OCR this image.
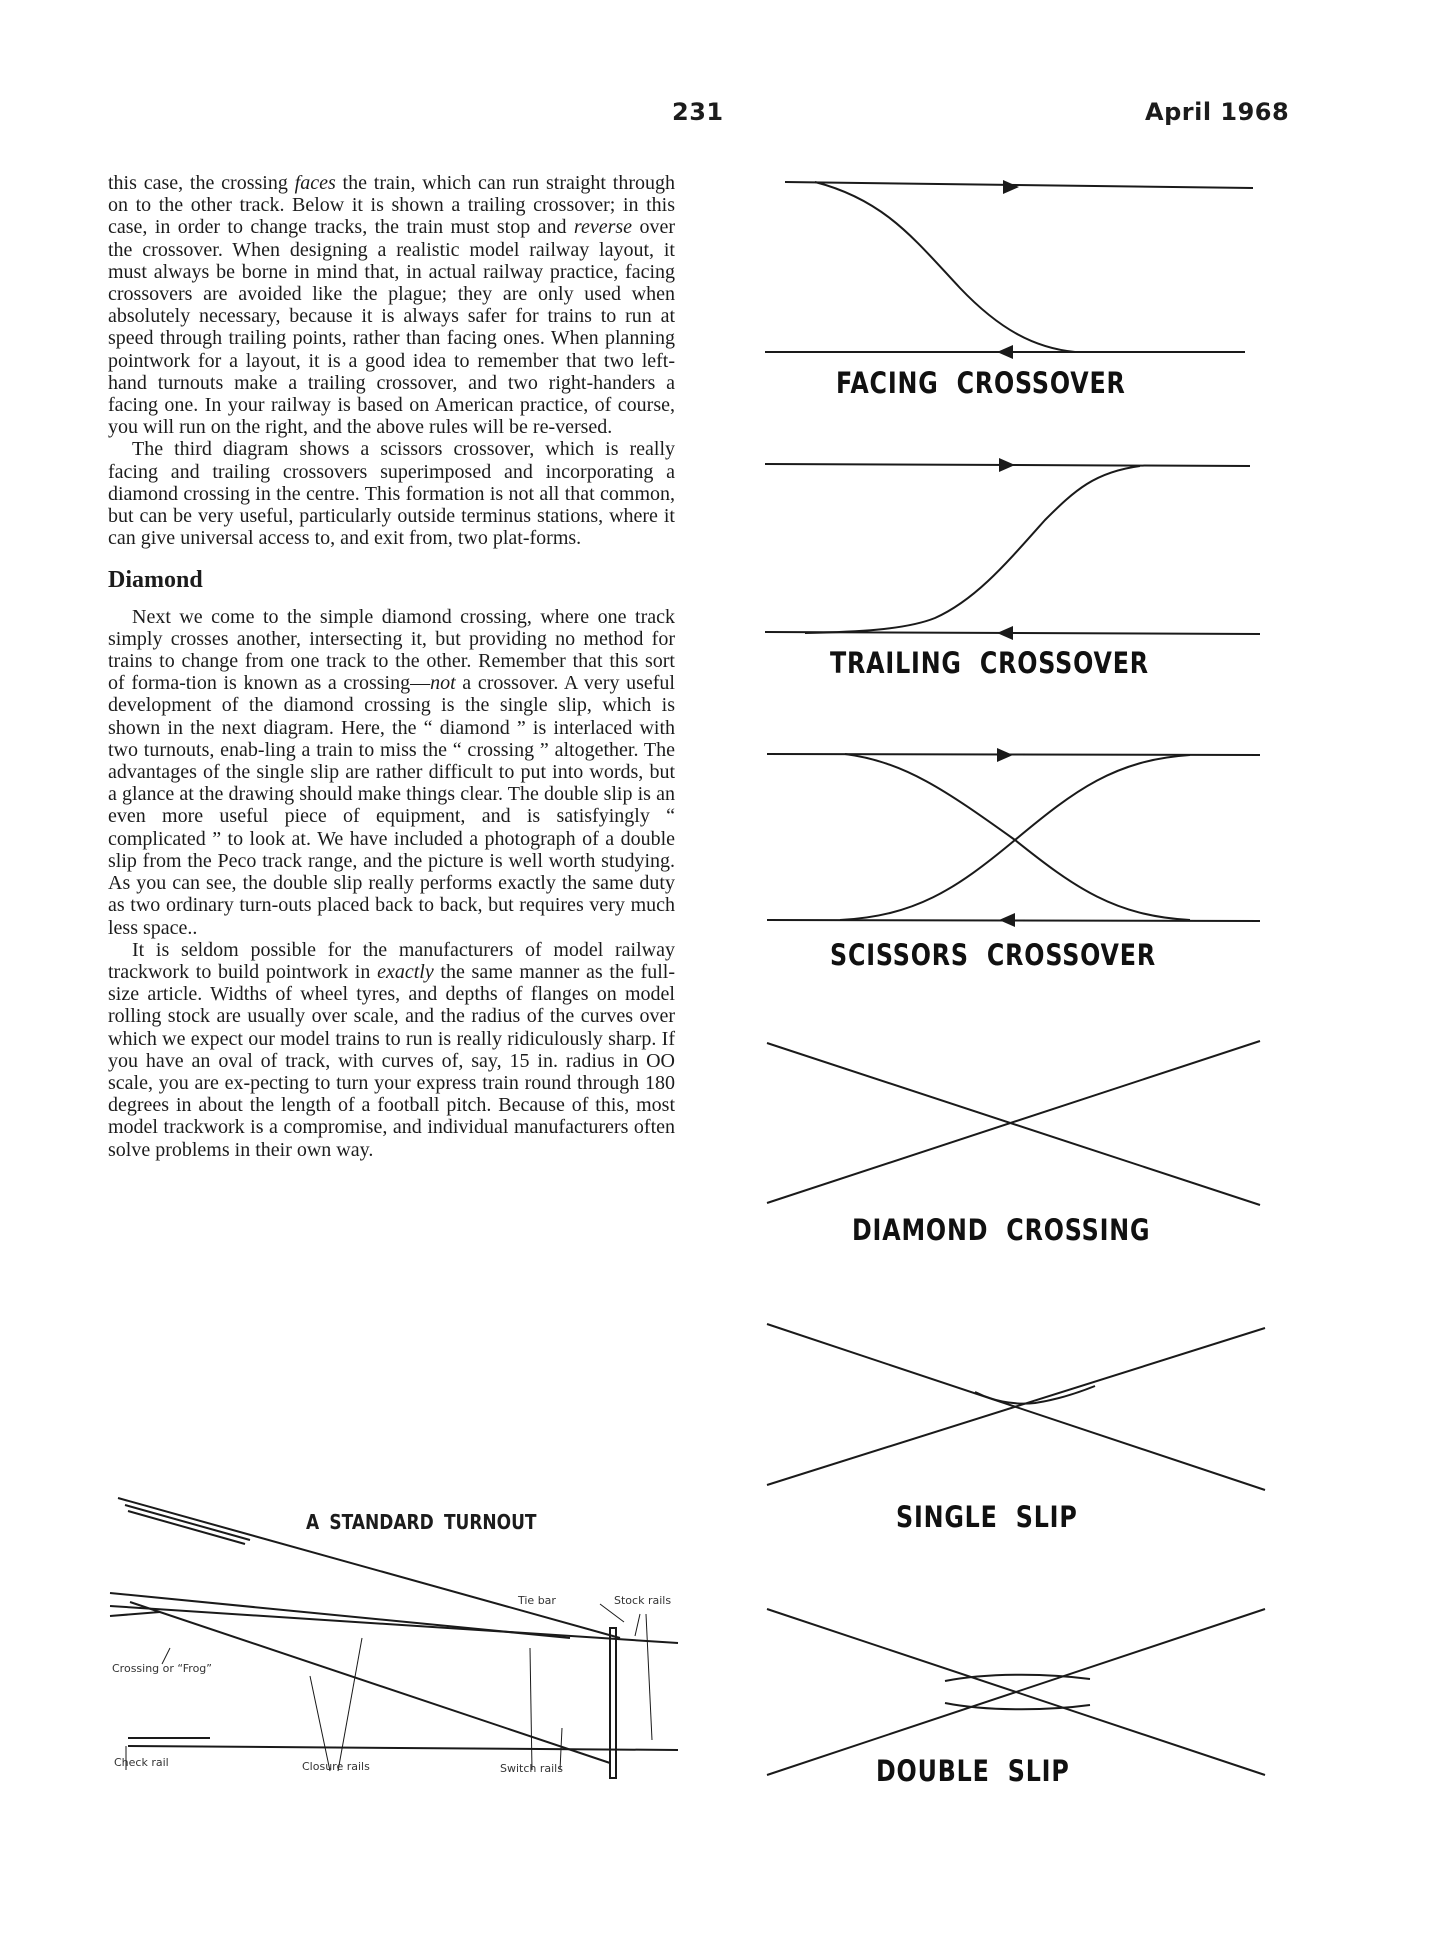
231	April 1968

this case, the crossing faces the train, which can run straight through on to the other track. Below it is shown a trailing crossover; in this case, in order to change tracks, the train must stop and reverse over the crossover. When designing a realistic model railway layout, it must always be borne in mind that, in actual railway practice, facing crossovers are avoided like the plague; they are only used when absolutely necessary, because it is always safer for trains to run at speed through trailing points, rather than facing ones. When planning pointwork for a layout, it is a good idea to remember that two left-hand turnouts make a trailing crossover, and two right-handers a facing one. In your railway is based on American practice, of course, you will run on the right, and the above rules will be re-versed.

The third diagram shows a scissors crossover, which is really facing and trailing crossovers superimposed and incorporating a diamond crossing in the centre. This formation is not all that common, but can be very useful, particularly outside terminus stations, where it can give universal access to, and exit from, two plat-forms.

Diamond

Next we come to the simple diamond crossing, where one track simply crosses another, intersecting it, but providing no method for trains to change from one track to the other. Remember that this sort of forma-tion is known as a crossing—not a crossover. A very useful development of the diamond crossing is the single slip, which is shown in the next diagram. Here, the “ diamond ” is interlaced with two turnouts, enab-ling a train to miss the “ crossing ” altogether. The advantages of the single slip are rather difficult to put into words, but a glance at the drawing should make things clear. The double slip is an even more useful piece of equipment, and is satisfyingly “ complicated ” to look at. We have included a photograph of a double slip from the Peco track range, and the picture is well worth studying. As you can see, the double slip really performs exactly the same duty as two ordinary turn-outs placed back to back, but requires very much less space..

It is seldom possible for the manufacturers of model railway trackwork to build pointwork in exactly the same manner as the full-size article. Widths of wheel tyres, and depths of flanges on model rolling stock are usually over scale, and the radius of the curves over which we expect our model trains to run is really ridiculously sharp. If you have an oval of track, with curves of, say, 15 in. radius in OO scale, you are ex-pecting to turn your express train round through 180 degrees in about the length of a football pitch. Because of this, most model trackwork is a compromise, and individual manufacturers often solve problems in their own way.

FACING CROSSOVER
TRAILING CROSSOVER
SCISSORS CROSSOVER
DIAMOND CROSSING
SINGLE SLIP
DOUBLE SLIP
A STANDARD TURNOUT
Tie bar	Stock rails
Crossing or “Frog”
Check rail	Closure rails	Switch rails
